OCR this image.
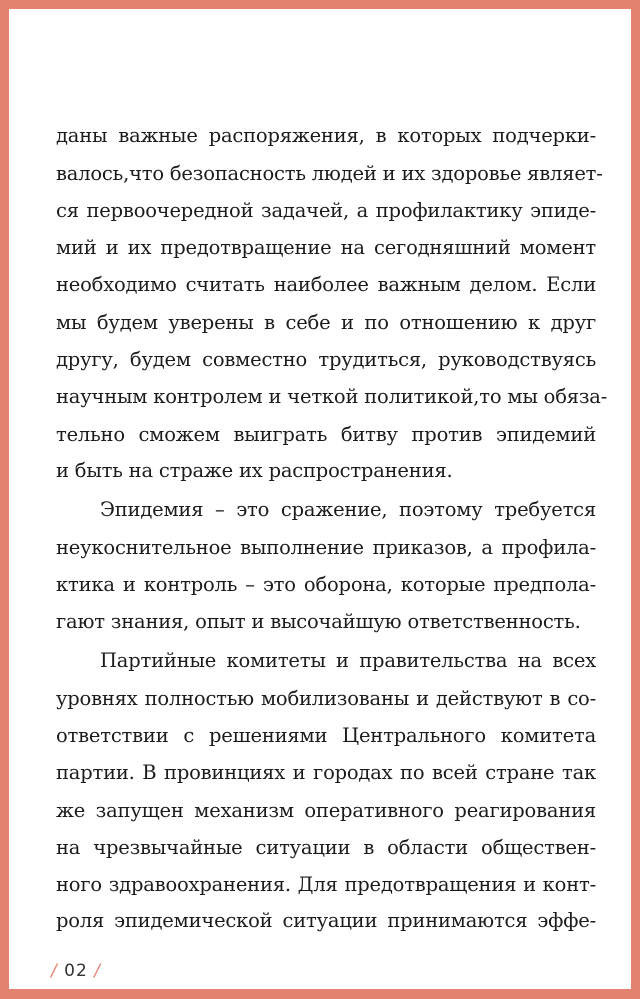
даны важные распоряжения, в которых подчерки-

валось,что безопасность людей и их здоровье являет-

ся первоочередной задачей, а профилактику эпиде-

мий и их предотвращение на сегодняшний момент

необходимо считать наиболее важным делом. Если

мы будем уверены в себе и по отношению к друг

другу, будем совместно трудиться, руководствуясь

научным контролем и четкой политикой,то мы обяза-

тельно сможем выиграть битву против эпидемий

и быть на страже их распространения.

Эпидемия – это сражение, поэтому требуется

неукоснительное выполнение приказов, а профила-

ктика и контроль – это оборона, которые предпола-

гают знания, опыт и высочайшую ответственность.

Партийные комитеты и правительства на всех

уровнях полностью мобилизованы и действуют в со-

ответствии с решениями Центрального комитета

партии. В провинциях и городах по всей стране так

же запущен механизм оперативного реагирования

на чрезвычайные ситуации в области обществен-

ного здравоохранения. Для предотвращения и конт-

роля эпидемической ситуации принимаются эффе-

/ 02 /
